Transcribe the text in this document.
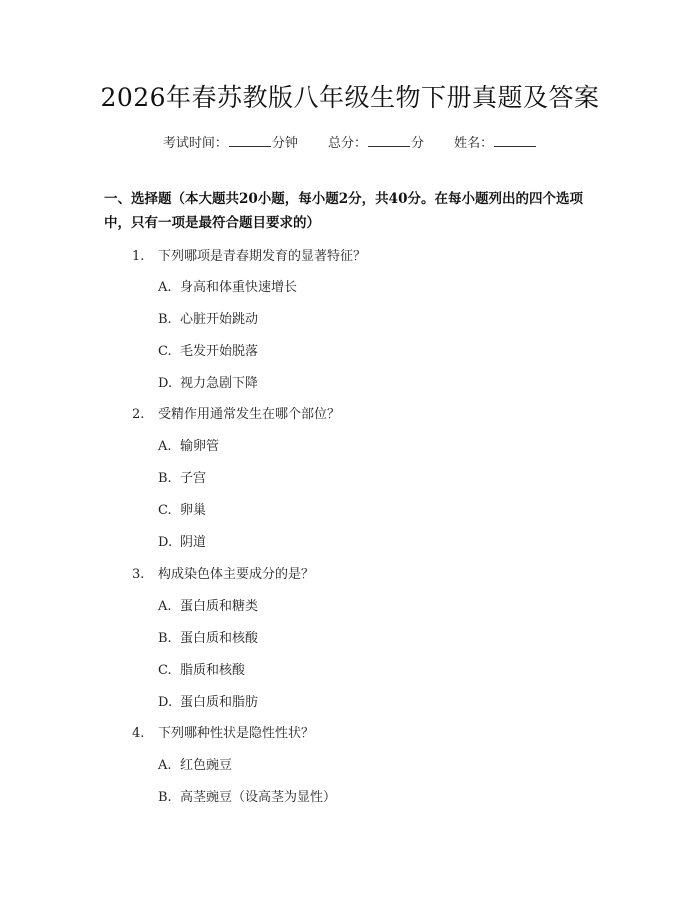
2026年春苏教版八年级生物下册真题及答案
考试时间：	分钟 总分：	分 姓名：
一、选择题（本大题共20小题，每小题2分，共40分。在每小题列出的四个选项中，只有一项是最符合题目要求的）
1. 下列哪项是青春期发育的显著特征？
A. 身高和体重快速增长
B. 心脏开始跳动
C. 毛发开始脱落
D. 视力急剧下降
2. 受精作用通常发生在哪个部位？
A. 输卵管
B. 子宫
C. 卵巢
D. 阴道
3. 构成染色体主要成分的是？
A. 蛋白质和糖类
B. 蛋白质和核酸
C. 脂质和核酸
D. 蛋白质和脂肪
4. 下列哪种性状是隐性性状？
A. 红色豌豆
B. 高茎豌豆（设高茎为显性）
